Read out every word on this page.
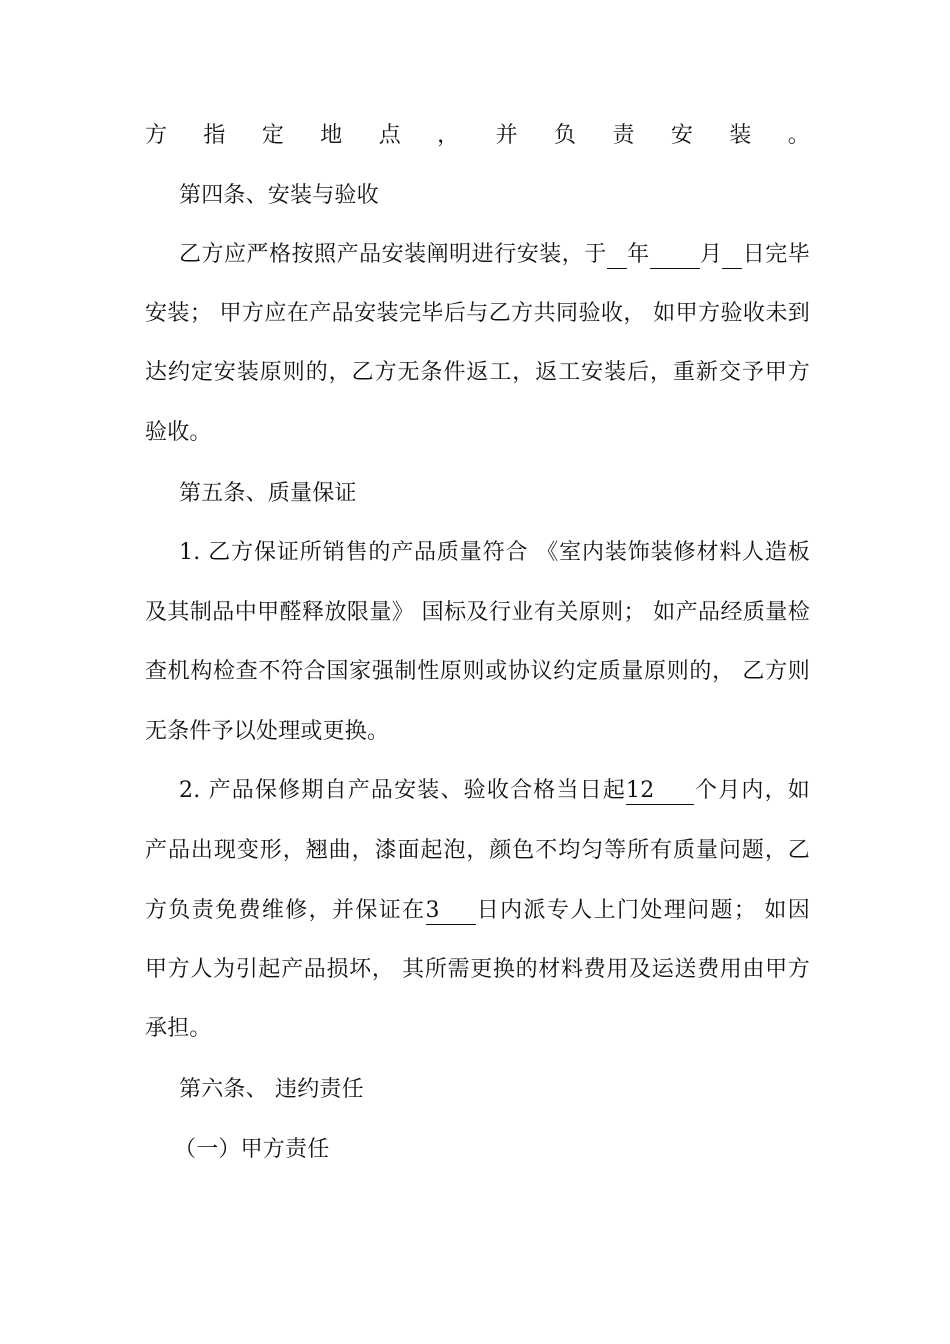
方指定地点，并负责安装。
第四条、安装与验收
乙方应严格按照产品安装阐明进行安装，于 年 月 日完毕
安装； 甲方应在产品安装完毕后与乙方共同验收， 如甲方验收未到
达约定安装原则的，乙方无条件返工，返工安装后，重新交予甲方
验收。
第五条、质量保证
1. 乙方保证所销售的产品质量符合 《室内装饰装修材料人造板
及其制品中甲醛释放限量》 国标及行业有关原则； 如产品经质量检
查机构检查不符合国家强制性原则或协议约定质量原则的， 乙方则
无条件予以处理或更换。
2. 产品保修期自产品安装、验收合格当日起12 个月内，如
产品出现变形，翘曲，漆面起泡，颜色不均匀等所有质量问题，乙
方负责免费维修，并保证在3 日内派专人上门处理问题； 如因
甲方人为引起产品损坏， 其所需更换的材料费用及运送费用由甲方
承担。
第六条、 违约责任
（一）甲方责任
